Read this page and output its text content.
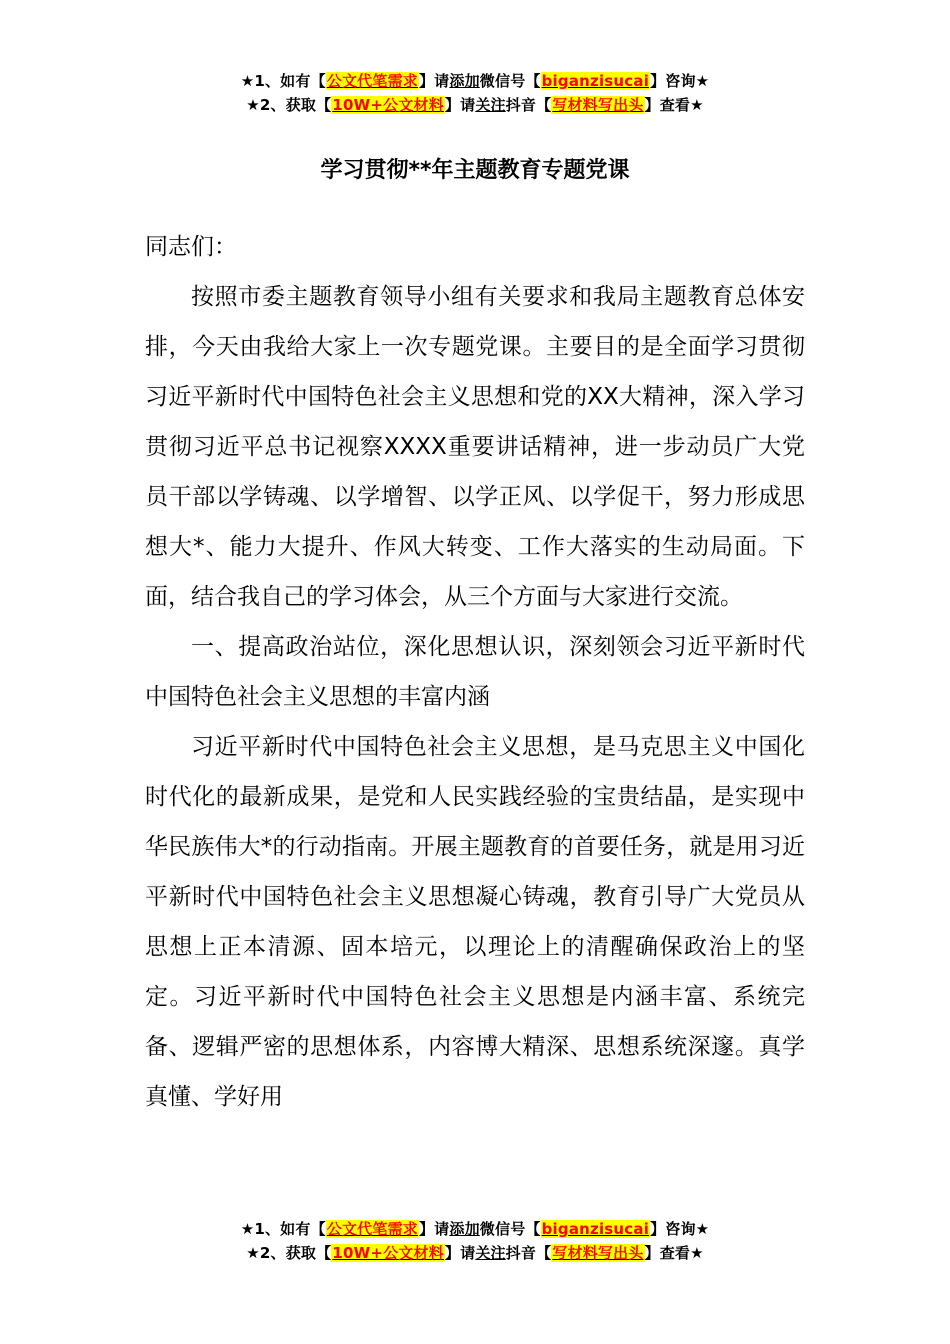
★1、如有【公文代笔需求】请添加微信号【biganzisucai】咨询★
★2、获取【10W+公文材料】请关注抖音【写材料写出头】查看★
学习贯彻**年主题教育专题党课

同志们：

按照市委主题教育领导小组有关要求和我局主题教育总体安排，今天由我给大家上一次专题党课。主要目的是全面学习贯彻习近平新时代中国特色社会主义思想和党的XX大精神，深入学习贯彻习近平总书记视察XXXX重要讲话精神，进一步动员广大党员干部以学铸魂、以学增智、以学正风、以学促干，努力形成思想大*、能力大提升、作风大转变、工作大落实的生动局面。下面，结合我自己的学习体会，从三个方面与大家进行交流。

一、提高政治站位，深化思想认识，深刻领会习近平新时代中国特色社会主义思想的丰富内涵

习近平新时代中国特色社会主义思想，是马克思主义中国化时代化的最新成果，是党和人民实践经验的宝贵结晶，是实现中华民族伟大*的行动指南。开展主题教育的首要任务，就是用习近平新时代中国特色社会主义思想凝心铸魂，教育引导广大党员从思想上正本清源、固本培元，以理论上的清醒确保政治上的坚定。习近平新时代中国特色社会主义思想是内涵丰富、系统完备、逻辑严密的思想体系，内容博大精深、思想系统深邃。真学真懂、学好用

★1、如有【公文代笔需求】请添加微信号【biganzisucai】咨询★
★2、获取【10W+公文材料】请关注抖音【写材料写出头】查看★
